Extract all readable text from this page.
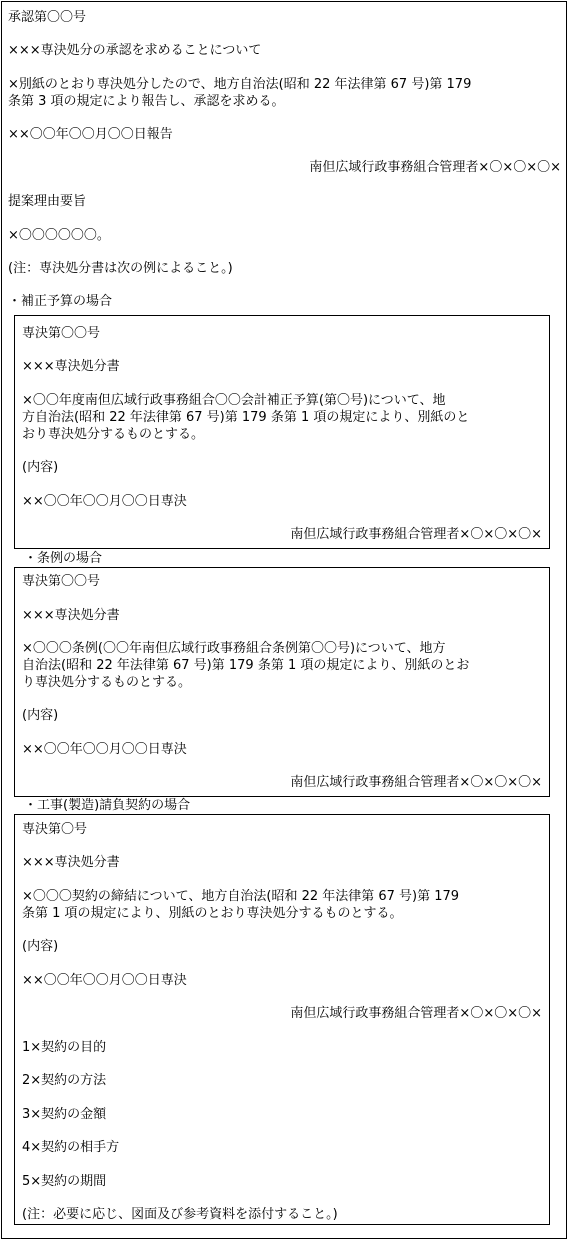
承認第〇〇号
×××専決処分の承認を求めることについて
×別紙のとおり専決処分したので、地方自治法(昭和 22 年法律第 67 号)第 179
条第 3 項の規定により報告し、承認を求める。
××〇〇年〇〇月〇〇日報告
南但広域行政事務組合管理者×〇×〇×〇×
提案理由要旨
×〇〇〇〇〇〇。
(注：専決処分書は次の例によること。)
・補正予算の場合
専決第〇〇号
×××専決処分書
×〇〇年度南但広域行政事務組合〇〇会計補正予算(第〇号)について、地
方自治法(昭和 22 年法律第 67 号)第 179 条第 1 項の規定により、別紙のと
おり専決処分するものとする。
(内容)
××〇〇年〇〇月〇〇日専決
南但広域行政事務組合管理者×〇×〇×〇×
・条例の場合
専決第〇〇号
×××専決処分書
×〇〇〇条例(〇〇年南但広域行政事務組合条例第〇〇号)について、地方
自治法(昭和 22 年法律第 67 号)第 179 条第 1 項の規定により、別紙のとお
り専決処分するものとする。
(内容)
××〇〇年〇〇月〇〇日専決
南但広域行政事務組合管理者×〇×〇×〇×
・工事(製造)請負契約の場合
専決第〇号
×××専決処分書
×〇〇〇契約の締結について、地方自治法(昭和 22 年法律第 67 号)第 179
条第 1 項の規定により、別紙のとおり専決処分するものとする。
(内容)
××〇〇年〇〇月〇〇日専決
南但広域行政事務組合管理者×〇×〇×〇×
1×契約の目的
2×契約の方法
3×契約の金額
4×契約の相手方
5×契約の期間
(注：必要に応じ、図面及び参考資料を添付すること。)
